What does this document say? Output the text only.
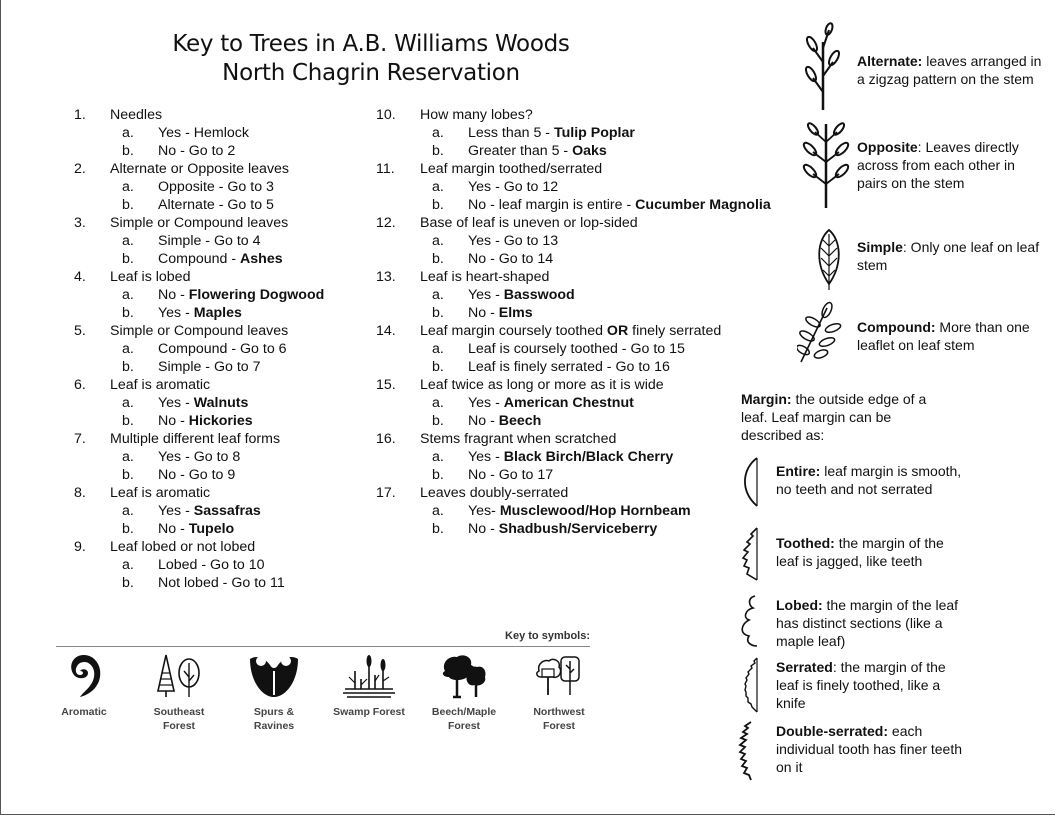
Key to Trees in A.B. Williams Woods
North Chagrin Reservation
1. Needles
a. Yes - Hemlock
b. No - Go to 2
2. Alternate or Opposite leaves
a. Opposite - Go to 3
b. Alternate - Go to 5
3. Simple or Compound leaves
a. Simple - Go to 4
b. Compound - Ashes
4. Leaf is lobed
a. No - Flowering Dogwood
b. Yes - Maples
5. Simple or Compound leaves
a. Compound - Go to 6
b. Simple - Go to 7
6. Leaf is aromatic
a. Yes - Walnuts
b. No - Hickories
7. Multiple different leaf forms
a. Yes - Go to 8
b. No - Go to 9
8. Leaf is aromatic
a. Yes - Sassafras
b. No - Tupelo
9. Leaf lobed or not lobed
a. Lobed - Go to 10
b. Not lobed - Go to 11
10. How many lobes?
a. Less than 5 - Tulip Poplar
b. Greater than 5 - Oaks
11. Leaf margin toothed/serrated
a. Yes - Go to 12
b. No - leaf margin is entire - Cucumber Magnolia
12. Base of leaf is uneven or lop-sided
a. Yes - Go to 13
b. No - Go to 14
13. Leaf is heart-shaped
a. Yes - Basswood
b. No - Elms
14. Leaf margin coursely toothed OR finely serrated
a. Leaf is coursely toothed - Go to 15
b. Leaf is finely serrated - Go to 16
15. Leaf twice as long or more as it is wide
a. Yes - American Chestnut
b. No - Beech
16. Stems fragrant when scratched
a. Yes - Black Birch/Black Cherry
b. No - Go to 17
17. Leaves doubly-serrated
a. Yes- Musclewood/Hop Hornbeam
b. No - Shadbush/Serviceberry
Key to symbols:
Aromatic	Southeast
Forest
Spurs &
Ravines
Swamp Forest	Beech/Maple
Forest
Northwest
Forest
Alternate: leaves arranged in
a zigzag pattern on the stem
Opposite: Leaves directly
across from each other in
pairs on the stem
Simple: Only one leaf on leaf
stem
Compound: More than one
leaflet on leaf stem
Margin: the outside edge of a
leaf. Leaf margin can be
described as:
Entire: leaf margin is smooth,
no teeth and not serrated
Toothed: the margin of the
leaf is jagged, like teeth
Lobed: the margin of the leaf
has distinct sections (like a
maple leaf)
Serrated: the margin of the
leaf is finely toothed, like a
knife
Double-serrated: each
individual tooth has finer teeth
on it
